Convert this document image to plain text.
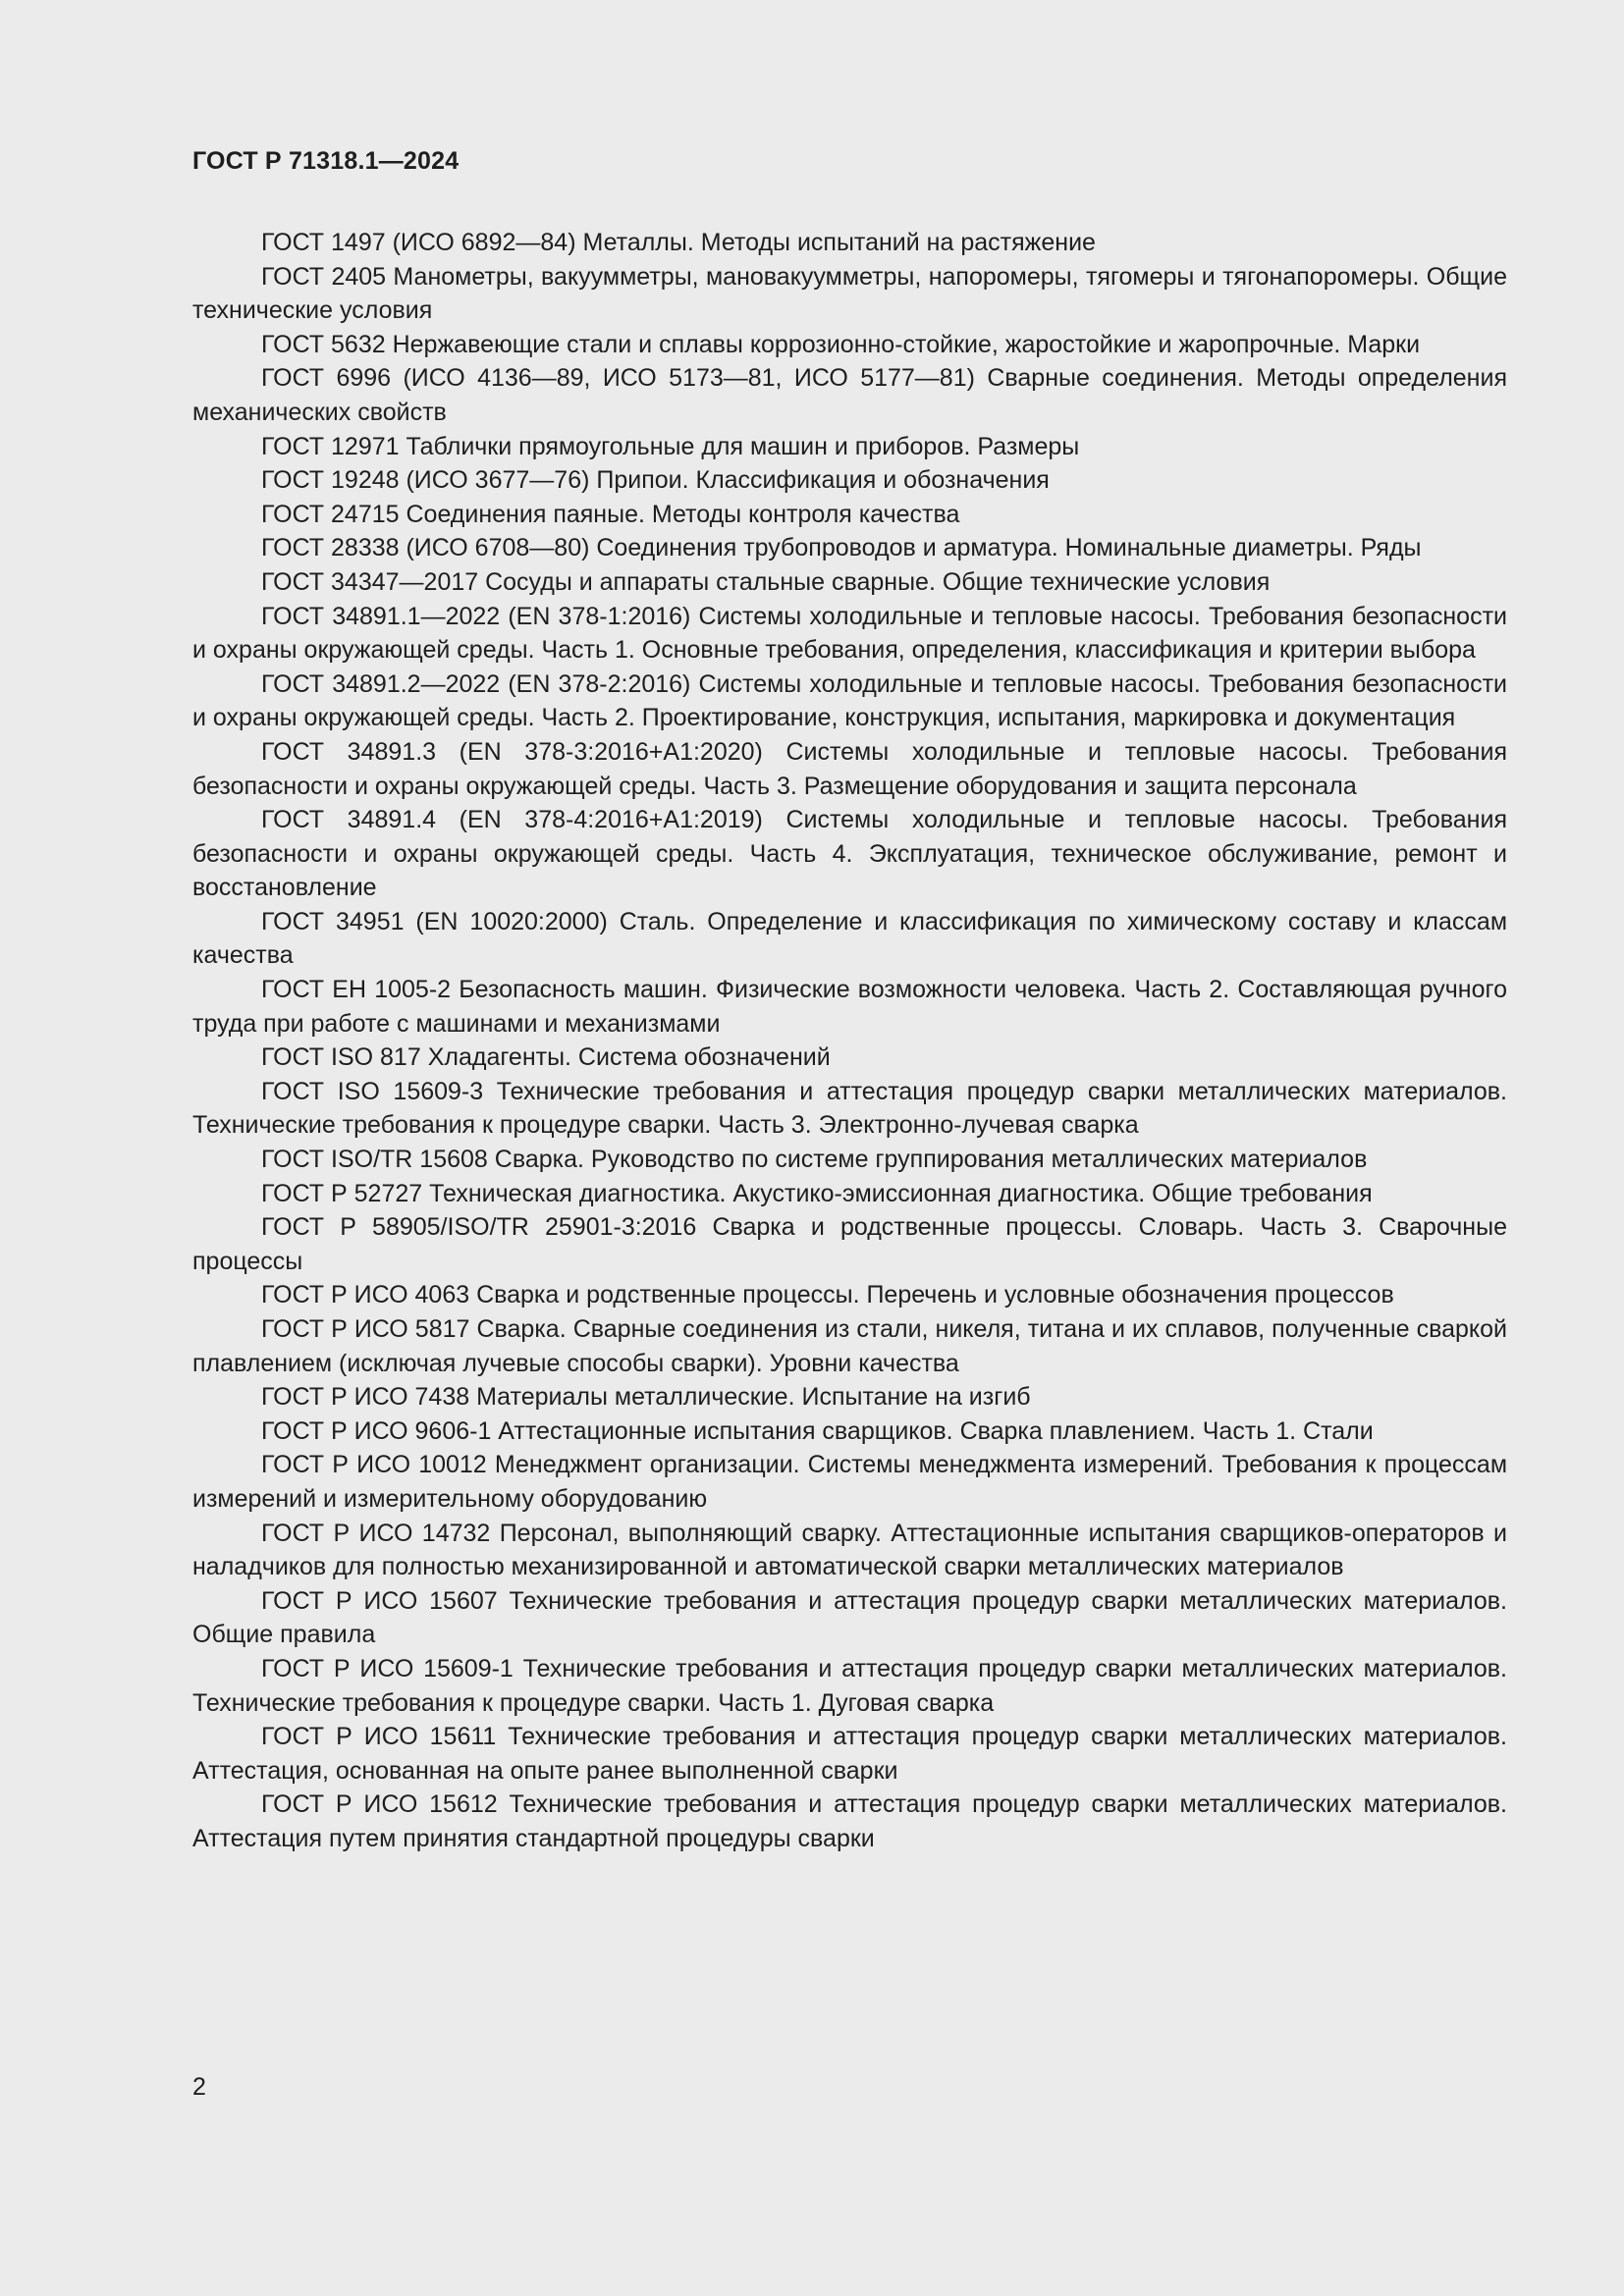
ГОСТ Р 71318.1—2024
ГОСТ 1497 (ИСО 6892—84) Металлы. Методы испытаний на растяжение
ГОСТ 2405 Манометры, вакуумметры, мановакуумметры, напоромеры, тягомеры и тягонапоромеры. Общие технические условия
ГОСТ 5632 Нержавеющие стали и сплавы коррозионно-стойкие, жаростойкие и жаропрочные. Марки
ГОСТ 6996 (ИСО 4136—89, ИСО 5173—81, ИСО 5177—81) Сварные соединения. Методы определения механических свойств
ГОСТ 12971 Таблички прямоугольные для машин и приборов. Размеры
ГОСТ 19248 (ИСО 3677—76) Припои. Классификация и обозначения
ГОСТ 24715 Соединения паяные. Методы контроля качества
ГОСТ 28338 (ИСО 6708—80) Соединения трубопроводов и арматура. Номинальные диаметры. Ряды
ГОСТ 34347—2017 Сосуды и аппараты стальные сварные. Общие технические условия
ГОСТ 34891.1—2022 (EN 378-1:2016) Системы холодильные и тепловые насосы. Требования безопасности и охраны окружающей среды. Часть 1. Основные требования, определения, классификация и критерии выбора
ГОСТ 34891.2—2022 (EN 378-2:2016) Системы холодильные и тепловые насосы. Требования безопасности и охраны окружающей среды. Часть 2. Проектирование, конструкция, испытания, маркировка и документация
ГОСТ 34891.3 (EN 378-3:2016+A1:2020) Системы холодильные и тепловые насосы. Требования безопасности и охраны окружающей среды. Часть 3. Размещение оборудования и защита персонала
ГОСТ 34891.4 (EN 378-4:2016+A1:2019) Системы холодильные и тепловые насосы. Требования безопасности и охраны окружающей среды. Часть 4. Эксплуатация, техническое обслуживание, ремонт и восстановление
ГОСТ 34951 (EN 10020:2000) Сталь. Определение и классификация по химическому составу и классам качества
ГОСТ ЕН 1005-2 Безопасность машин. Физические возможности человека. Часть 2. Составляющая ручного труда при работе с машинами и механизмами
ГОСТ ISO 817 Хладагенты. Система обозначений
ГОСТ ISO 15609-3 Технические требования и аттестация процедур сварки металлических материалов. Технические требования к процедуре сварки. Часть 3. Электронно-лучевая сварка
ГОСТ ISO/TR 15608 Сварка. Руководство по системе группирования металлических материалов
ГОСТ Р 52727 Техническая диагностика. Акустико-эмиссионная диагностика. Общие требования
ГОСТ Р 58905/ISO/TR 25901-3:2016 Сварка и родственные процессы. Словарь. Часть 3. Сварочные процессы
ГОСТ Р ИСО 4063 Сварка и родственные процессы. Перечень и условные обозначения процессов
ГОСТ Р ИСО 5817 Сварка. Сварные соединения из стали, никеля, титана и их сплавов, полученные сваркой плавлением (исключая лучевые способы сварки). Уровни качества
ГОСТ Р ИСО 7438 Материалы металлические. Испытание на изгиб
ГОСТ Р ИСО 9606-1 Аттестационные испытания сварщиков. Сварка плавлением. Часть 1. Стали
ГОСТ Р ИСО 10012 Менеджмент организации. Системы менеджмента измерений. Требования к процессам измерений и измерительному оборудованию
ГОСТ Р ИСО 14732 Персонал, выполняющий сварку. Аттестационные испытания сварщиков-операторов и наладчиков для полностью механизированной и автоматической сварки металлических материалов
ГОСТ Р ИСО 15607 Технические требования и аттестация процедур сварки металлических материалов. Общие правила
ГОСТ Р ИСО 15609-1 Технические требования и аттестация процедур сварки металлических материалов. Технические требования к процедуре сварки. Часть 1. Дуговая сварка
ГОСТ Р ИСО 15611 Технические требования и аттестация процедур сварки металлических материалов. Аттестация, основанная на опыте ранее выполненной сварки
ГОСТ Р ИСО 15612 Технические требования и аттестация процедур сварки металлических материалов. Аттестация путем принятия стандартной процедуры сварки

2
